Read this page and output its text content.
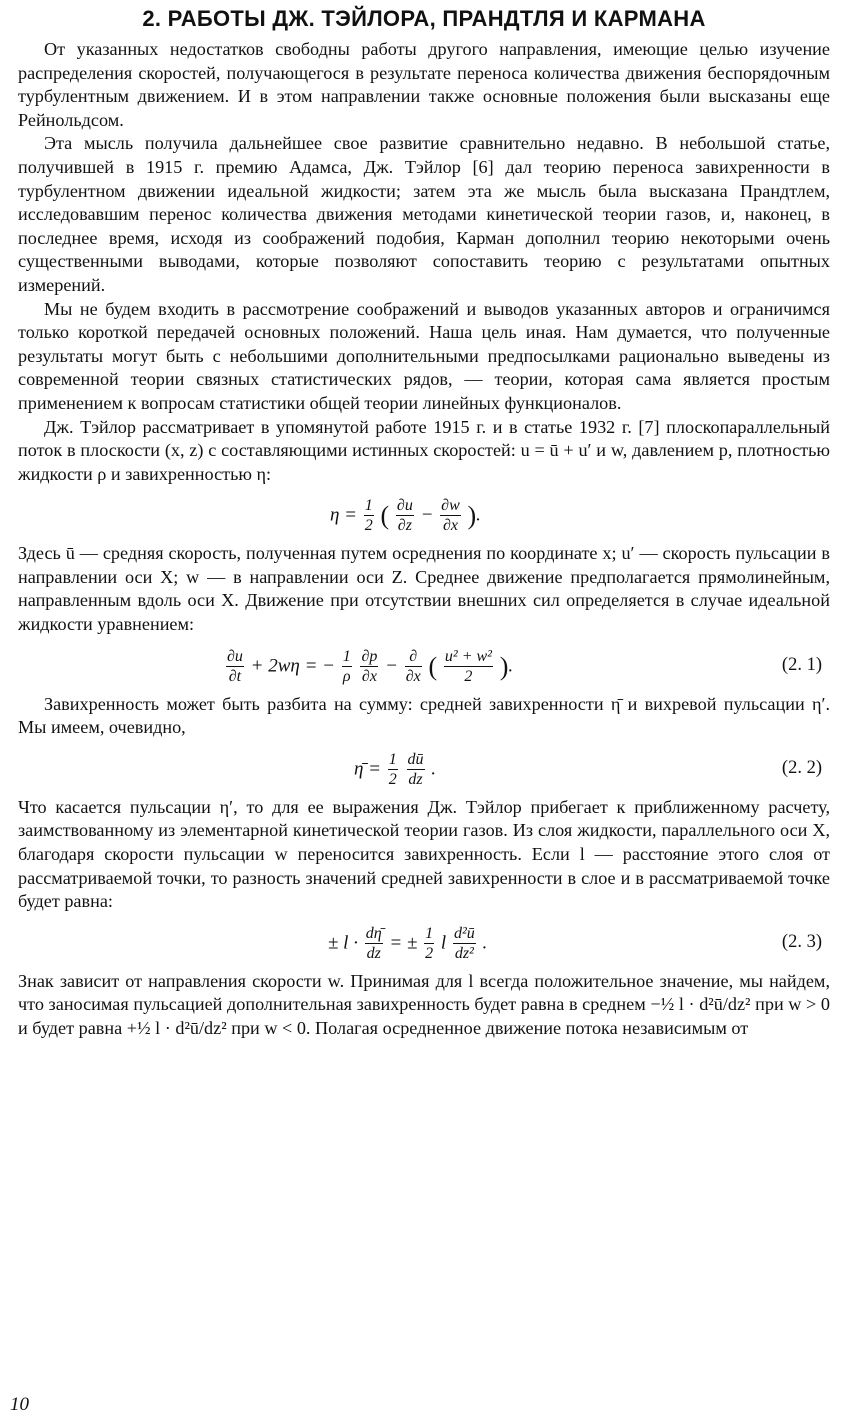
2. РАБОТЫ ДЖ. ТЭЙЛОРА, ПРАНДТЛЯ И КАРМАНА

От указанных недостатков свободны работы другого направления, имеющие целью изучение распределения скоростей, получающегося в результате переноса количества движения беспорядочным турбулентным движением. И в этом направлении также основные положения были высказаны еще Рейнольдсом.

Эта мысль получила дальнейшее свое развитие сравнительно недавно. В небольшой статье, получившей в 1915 г. премию Адамса, Дж. Тэйлор [6] дал теорию переноса завихренности в турбулентном движении идеальной жидкости; затем эта же мысль была высказана Прандтлем, исследовавшим перенос количества движения методами кинетической теории газов, и, наконец, в последнее время, исходя из соображений подобия, Карман дополнил теорию некоторыми очень существенными выводами, которые позволяют сопоставить теорию с результатами опытных измерений.

Мы не будем входить в рассмотрение соображений и выводов указанных авторов и ограничимся только короткой передачей основных положений. Наша цель иная. Нам думается, что полученные результаты могут быть с небольшими дополнительными предпосылками рационально выведены из современной теории связных статистических рядов, — теории, которая сама является простым применением к вопросам статистики общей теории линейных функционалов.

Дж. Тэйлор рассматривает в упомянутой работе 1915 г. и в статье 1932 г. [7] плоскопараллельный поток в плоскости (x, z) с составляющими истинных скоростей: u = ū + u′ и w, давлением p, плотностью жидкости ρ и завихренностью η:

$\eta = \frac{1}{2}$ ( $\frac{\partial u}{\partial z} - \frac{\partial w}{\partial x}$ ).

Здесь ū — средняя скорость, полученная путем осреднения по координате x; u′ — скорость пульсации в направлении оси X; w — в направлении оси Z. Среднее движение предполагается прямолинейным, направленным вдоль оси X. Движение при отсутствии внешних сил определяется в случае идеальной жидкости уравнением:

$\frac{\partial u}{\partial t} + 2w\eta$ = − $\frac{1}{\rho}$
$\frac{\partial p}{\partial x} - \frac{\partial}{\partial x}$ ( $\frac{\text{u² + w²}}{2}$ ).	(2. 1)

Завихренность может быть разбита на сумму: средней завихренности η̄ и вихревой пульсации η′. Мы имеем, очевидно,

η̄ = $\frac{1}{2}$
$\frac{dū}{dz}$ .	(2. 2)

Что касается пульсации η′, то для ее выражения Дж. Тэйлор прибегает к приближенному расчету, заимствованному из элементарной кинетической теории газов. Из слоя жидкости, параллельного оси X, благодаря скорости пульсации w переносится завихренность. Если l — расстояние этого слоя от рассматриваемой точки, то разность значений средней завихренности в слое и в рассматриваемой точке будет равна:

± $l \cdot \frac{d\etā}{dz}$ = ± $\frac{1}{2}$ l $\frac{\text{d²ū}}{\text{dz²}}$ .	(2. 3)

Знак зависит от направления скорости w. Принимая для l всегда положительное значение, мы найдем, что заносимая пульсацией дополнительная завихренность будет равна в среднем −½ l · d²ū/dz² при w > 0 и будет равна +½ l · d²ū/dz² при w < 0. Полагая осредненное движение потока независимым от

10
